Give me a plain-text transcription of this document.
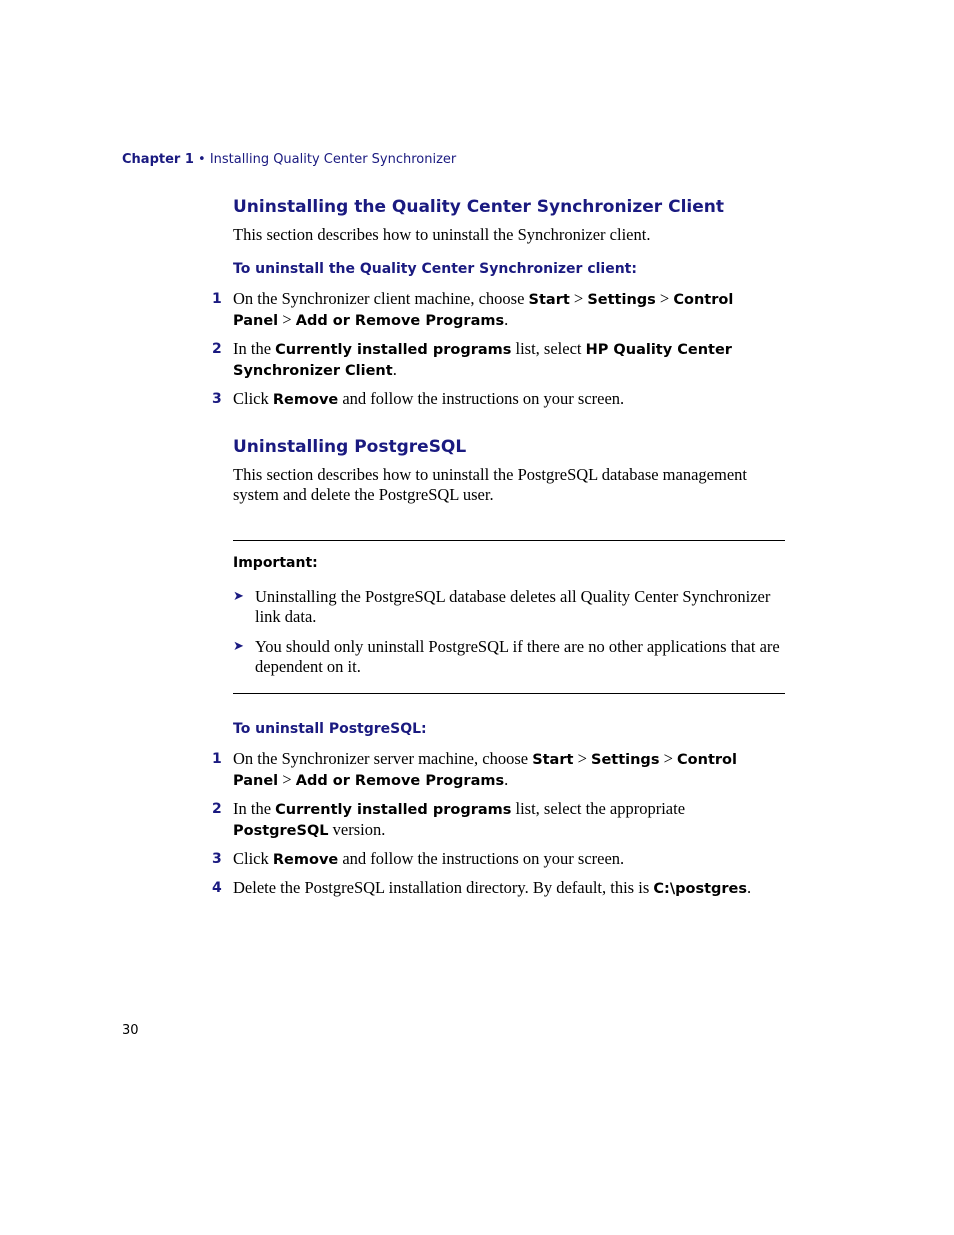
Chapter 1 • Installing Quality Center Synchronizer
Uninstalling the Quality Center Synchronizer Client

This section describes how to uninstall the Synchronizer client.

To uninstall the Quality Center Synchronizer client:

1 On the Synchronizer client machine, choose Start > Settings > Control Panel > Add or Remove Programs.
2 In the Currently installed programs list, select HP Quality Center Synchronizer Client.
3 Click Remove and follow the instructions on your screen.
Uninstalling PostgreSQL

This section describes how to uninstall the PostgreSQL database management system and delete the PostgreSQL user.

Important:

➤ Uninstalling the PostgreSQL database deletes all Quality Center Synchronizer link data.
➤ You should only uninstall PostgreSQL if there are no other applications that are dependent on it.

To uninstall PostgreSQL:

1 On the Synchronizer server machine, choose Start > Settings > Control Panel > Add or Remove Programs.
2 In the Currently installed programs list, select the appropriate PostgreSQL version.
3 Click Remove and follow the instructions on your screen.
4 Delete the PostgreSQL installation directory. By default, this is C:\postgres.
30
